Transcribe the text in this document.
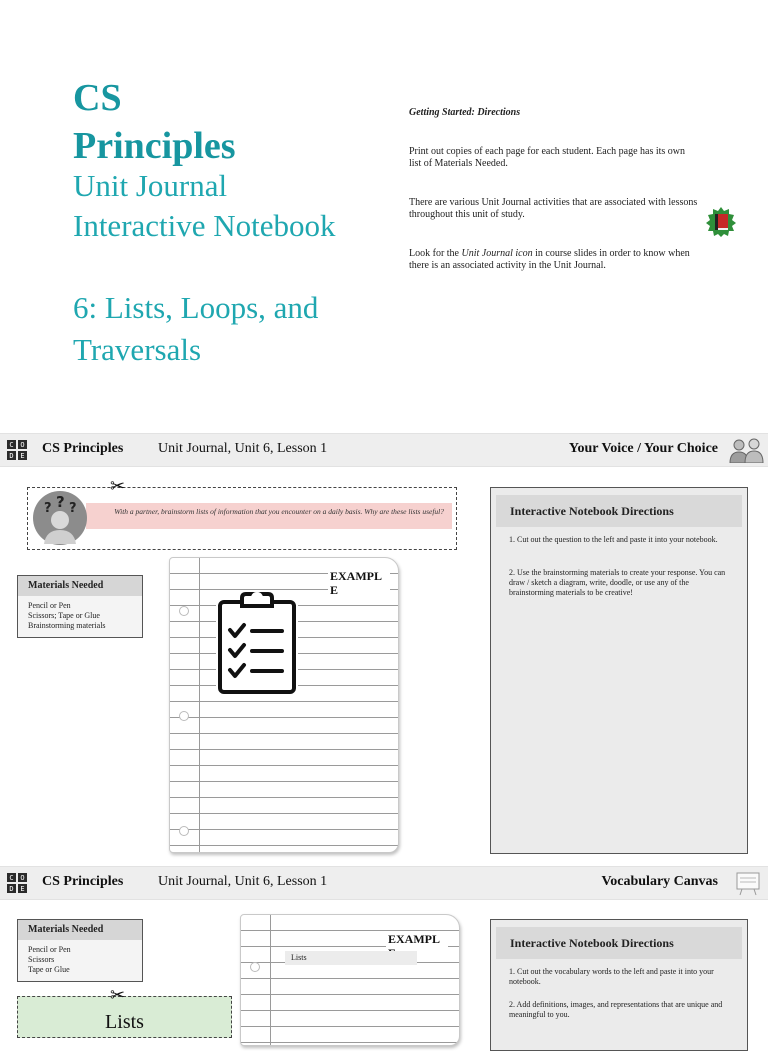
CS
Principles
Unit Journal
Interactive Notebook
6: Lists, Loops, and
Traversals
Getting Started: Directions
Print out copies of each page for each student. Each page has its own list of Materials Needed.
There are various Unit Journal activities that are associated with lessons throughout this unit of study.
Look for the Unit Journal icon in course slides in order to know when there is an associated activity in the Unit Journal.
C O
D E CS Principles Unit Journal, Unit 6, Lesson 1	Your Voice / Your Choice
✂
With a partner, brainstorm lists of information that you encounter on a daily basis. Why are these lists useful?
? ? ?
Materials Needed
Pencil or Pen
Scissors; Tape or Glue
Brainstorming materials
EXAMPL E
Interactive Notebook Directions
1. Cut out the question to the left and paste it into your notebook.
2. Use the brainstorming materials to create your response. You can draw / sketch a diagram, write, doodle, or use any of the brainstorming materials to be creative!
C O
D E CS Principles Unit Journal, Unit 6, Lesson 1	Vocabulary Canvas
Materials Needed
Pencil or Pen
Scissors
Tape or Glue
Lists
✂
EXAMPL
Lists
Interactive Notebook Directions
1. Cut out the vocabulary words to the left and paste it into your notebook.
2. Add definitions, images, and representations that are unique and meaningful to you.
